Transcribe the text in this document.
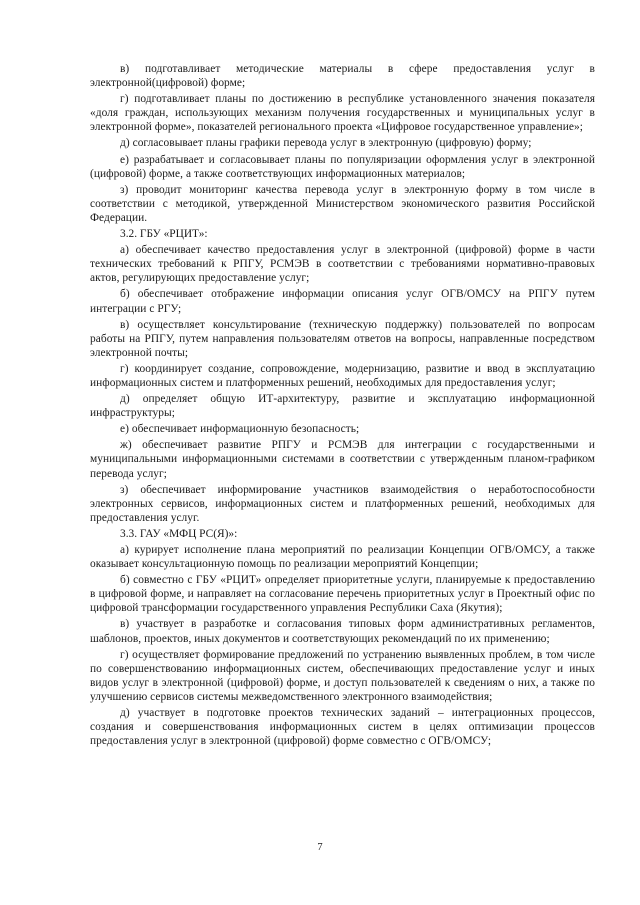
в) подготавливает методические материалы в сфере предоставления услуг в электронной(цифровой) форме;

г) подготавливает планы по достижению в республике установленного значения показателя «доля граждан, использующих механизм получения государственных и муниципальных услуг в электронной форме», показателей регионального проекта «Цифровое государственное управление»;

д) согласовывает планы графики перевода услуг в электронную (цифровую) форму;

е) разрабатывает и согласовывает планы по популяризации оформления услуг в электронной (цифровой) форме, а также соответствующих информационных материалов;

з) проводит мониторинг качества перевода услуг в электронную форму в том числе в соответствии с методикой, утвержденной Министерством экономического развития Российской Федерации.

3.2. ГБУ «РЦИТ»:

а) обеспечивает качество предоставления услуг в электронной (цифровой) форме в части технических требований к РПГУ, РСМЭВ в соответствии с требованиями нормативно-правовых актов, регулирующих предоставление услуг;

б) обеспечивает отображение информации описания услуг ОГВ/ОМСУ на РПГУ путем интеграции с РГУ;

в) осуществляет консультирование (техническую поддержку) пользователей по вопросам работы на РПГУ, путем направления пользователям ответов на вопросы, направленные посредством электронной почты;

г) координирует создание, сопровождение, модернизацию, развитие и ввод в эксплуатацию информационных систем и платформенных решений, необходимых для предоставления услуг;

д) определяет общую ИТ-архитектуру, развитие и эксплуатацию информационной инфраструктуры;

е) обеспечивает информационную безопасность;

ж) обеспечивает развитие РПГУ и РСМЭВ для интеграции с государственными и муниципальными информационными системами в соответствии с утвержденным планом-графиком перевода услуг;

з) обеспечивает информирование участников взаимодействия о неработоспособности электронных сервисов, информационных систем и платформенных решений, необходимых для предоставления услуг.

3.3. ГАУ «МФЦ РС(Я)»:

а) курирует исполнение плана мероприятий по реализации Концепции ОГВ/ОМСУ, а также оказывает консультационную помощь по реализации мероприятий Концепции;

б) совместно с ГБУ «РЦИТ» определяет приоритетные услуги, планируемые к предоставлению в цифровой форме, и направляет на согласование перечень приоритетных услуг в Проектный офис по цифровой трансформации государственного управления Республики Саха (Якутия);

в) участвует в разработке и согласования типовых форм административных регламентов, шаблонов, проектов, иных документов и соответствующих рекомендаций по их применению;

г) осуществляет формирование предложений по устранению выявленных проблем, в том числе по совершенствованию информационных систем, обеспечивающих предоставление услуг и иных видов услуг в электронной (цифровой) форме, и доступ пользователей к сведениям о них, а также по улучшению сервисов системы межведомственного электронного взаимодействия;

д) участвует в подготовке проектов технических заданий – интеграционных процессов, создания и совершенствования информационных систем в целях оптимизации процессов предоставления услуг в электронной (цифровой) форме совместно с ОГВ/ОМСУ;

7
